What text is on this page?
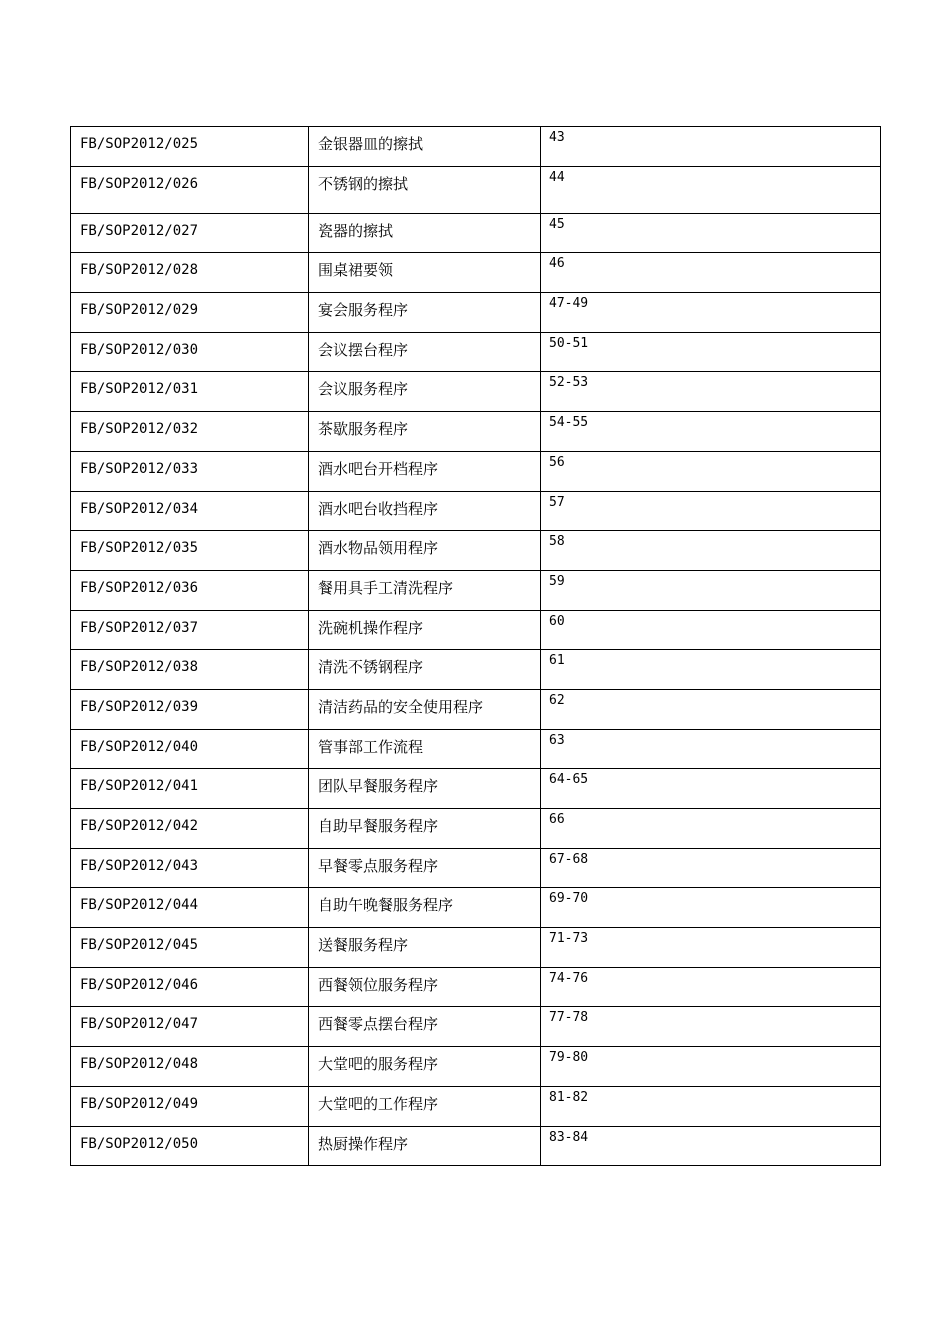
FB/SOP2012/025	金银器皿的擦拭	43

FB/SOP2012/026	不锈钢的擦拭	44

FB/SOP2012/027	瓷器的擦拭	45

FB/SOP2012/028	围桌裙要领	46

FB/SOP2012/029	宴会服务程序	47-49

FB/SOP2012/030	会议摆台程序	50-51

FB/SOP2012/031	会议服务程序	52-53

FB/SOP2012/032	茶歇服务程序	54-55

FB/SOP2012/033	酒水吧台开档程序	56

FB/SOP2012/034	酒水吧台收挡程序	57

FB/SOP2012/035	酒水物品领用程序	58

FB/SOP2012/036	餐用具手工清洗程序	59

FB/SOP2012/037	洗碗机操作程序	60

FB/SOP2012/038	清洗不锈钢程序	61

FB/SOP2012/039	清洁药品的安全使用程序	62

FB/SOP2012/040	管事部工作流程	63

FB/SOP2012/041	团队早餐服务程序	64-65

FB/SOP2012/042	自助早餐服务程序	66

FB/SOP2012/043	早餐零点服务程序	67-68

FB/SOP2012/044	自助午晚餐服务程序	69-70

FB/SOP2012/045	送餐服务程序	71-73

FB/SOP2012/046	西餐领位服务程序	74-76

FB/SOP2012/047	西餐零点摆台程序	77-78

FB/SOP2012/048	大堂吧的服务程序	79-80

FB/SOP2012/049	大堂吧的工作程序	81-82

FB/SOP2012/050	热厨操作程序	83-84
